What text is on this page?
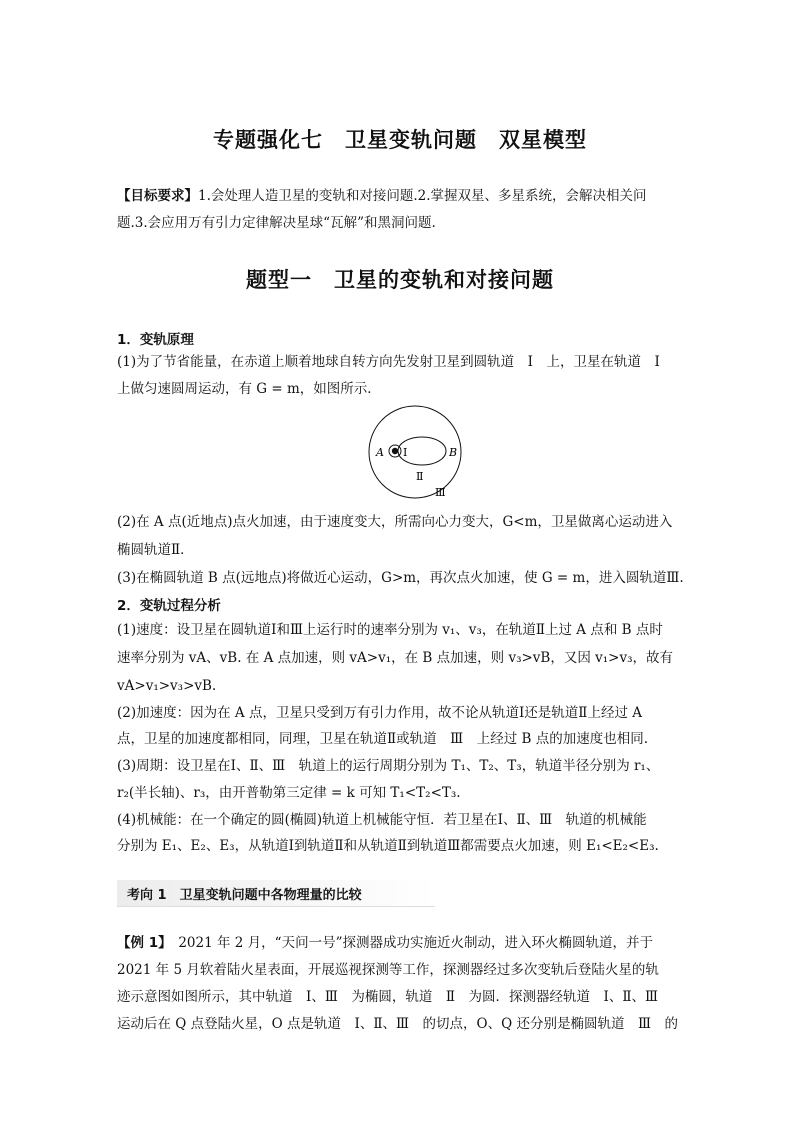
专题强化七　卫星变轨问题　双星模型
【目标要求】1.会处理人造卫星的变轨和对接问题.2.掌握双星、多星系统，会解决相关问
题.3.会应用万有引力定律解决星球“瓦解”和黑洞问题.
题型一　卫星的变轨和对接问题
1．变轨原理
(1)为了节省能量，在赤道上顺着地球自转方向先发射卫星到圆轨道　Ⅰ　上，卫星在轨道　Ⅰ
上做匀速圆周运动，有 G = m，如图所示．
A Ⅰ	B
Ⅱ
Ⅲ
(2)在 A 点(近地点)点火加速，由于速度变大，所需向心力变大，G<m，卫星做离心运动进入
椭圆轨道Ⅱ．
(3)在椭圆轨道 B 点(远地点)将做近心运动，G>m，再次点火加速，使 G = m，进入圆轨道Ⅲ.
2．变轨过程分析
(1)速度：设卫星在圆轨道Ⅰ和Ⅲ上运行时的速率分别为 v₁、v₃，在轨道Ⅱ上过 A 点和 B 点时
速率分别为 vA、vB. 在 A 点加速，则 vA>v₁，在 B 点加速，则 v₃>vB，又因 v₁>v₃，故有
vA>v₁>v₃>vB.
(2)加速度：因为在 A 点，卫星只受到万有引力作用，故不论从轨道Ⅰ还是轨道Ⅱ上经过 A
点，卫星的加速度都相同，同理，卫星在轨道Ⅱ或轨道　Ⅲ　上经过 B 点的加速度也相同.
(3)周期：设卫星在Ⅰ、Ⅱ、Ⅲ　轨道上的运行周期分别为 T₁、T₂、T₃，轨道半径分别为 r₁、
r₂(半长轴)、r₃，由开普勒第三定律 = k 可知 T₁<T₂<T₃.
(4)机械能：在一个确定的圆(椭圆)轨道上机械能守恒．若卫星在Ⅰ、Ⅱ、Ⅲ　轨道的机械能
分别为 E₁、E₂、E₃，从轨道Ⅰ到轨道Ⅱ和从轨道Ⅱ到轨道Ⅲ都需要点火加速，则 E₁<E₂<E₃.
考向 1　卫星变轨问题中各物理量的比较
【例 1】　 2021 年 2 月，“天问一号”探测器成功实施近火制动，进入环火椭圆轨道，并于
2021 年 5 月软着陆火星表面，开展巡视探测等工作，探测器经过多次变轨后登陆火星的轨
迹示意图如图所示，其中轨道　Ⅰ、Ⅲ　为椭圆，轨道　Ⅱ　为圆．探测器经轨道　Ⅰ、Ⅱ、Ⅲ
运动后在 Q 点登陆火星，O 点是轨道　Ⅰ、Ⅱ、Ⅲ　的切点，O、Q 还分别是椭圆轨道　Ⅲ　的
